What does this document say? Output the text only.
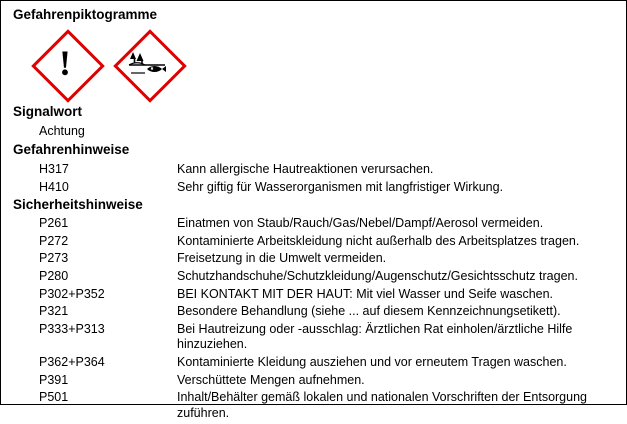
Gefahrenpiktogramme
!
Signalwort
Achtung
Gefahrenhinweise
H317	Kann allergische Hautreaktionen verursachen.
H410	Sehr giftig für Wasserorganismen mit langfristiger Wirkung.
Sicherheitshinweise
P261	Einatmen von Staub/Rauch/Gas/Nebel/Dampf/Aerosol vermeiden.
P272	Kontaminierte Arbeitskleidung nicht außerhalb des Arbeitsplatzes tragen.
P273	Freisetzung in die Umwelt vermeiden.
P280	Schutzhandschuhe/Schutzkleidung/Augenschutz/Gesichtsschutz tragen.
P302+P352	BEI KONTAKT MIT DER HAUT: Mit viel Wasser und Seife waschen.
P321	Besondere Behandlung (siehe ... auf diesem Kennzeichnungsetikett).
P333+P313	Bei Hautreizung oder -ausschlag: Ärztlichen Rat einholen/ärztliche Hilfe hinzuziehen.
P362+P364	Kontaminierte Kleidung ausziehen und vor erneutem Tragen waschen.
P391	Verschüttete Mengen aufnehmen.
P501	Inhalt/Behälter gemäß lokalen und nationalen Vorschriften der Entsorgung zuführen.
